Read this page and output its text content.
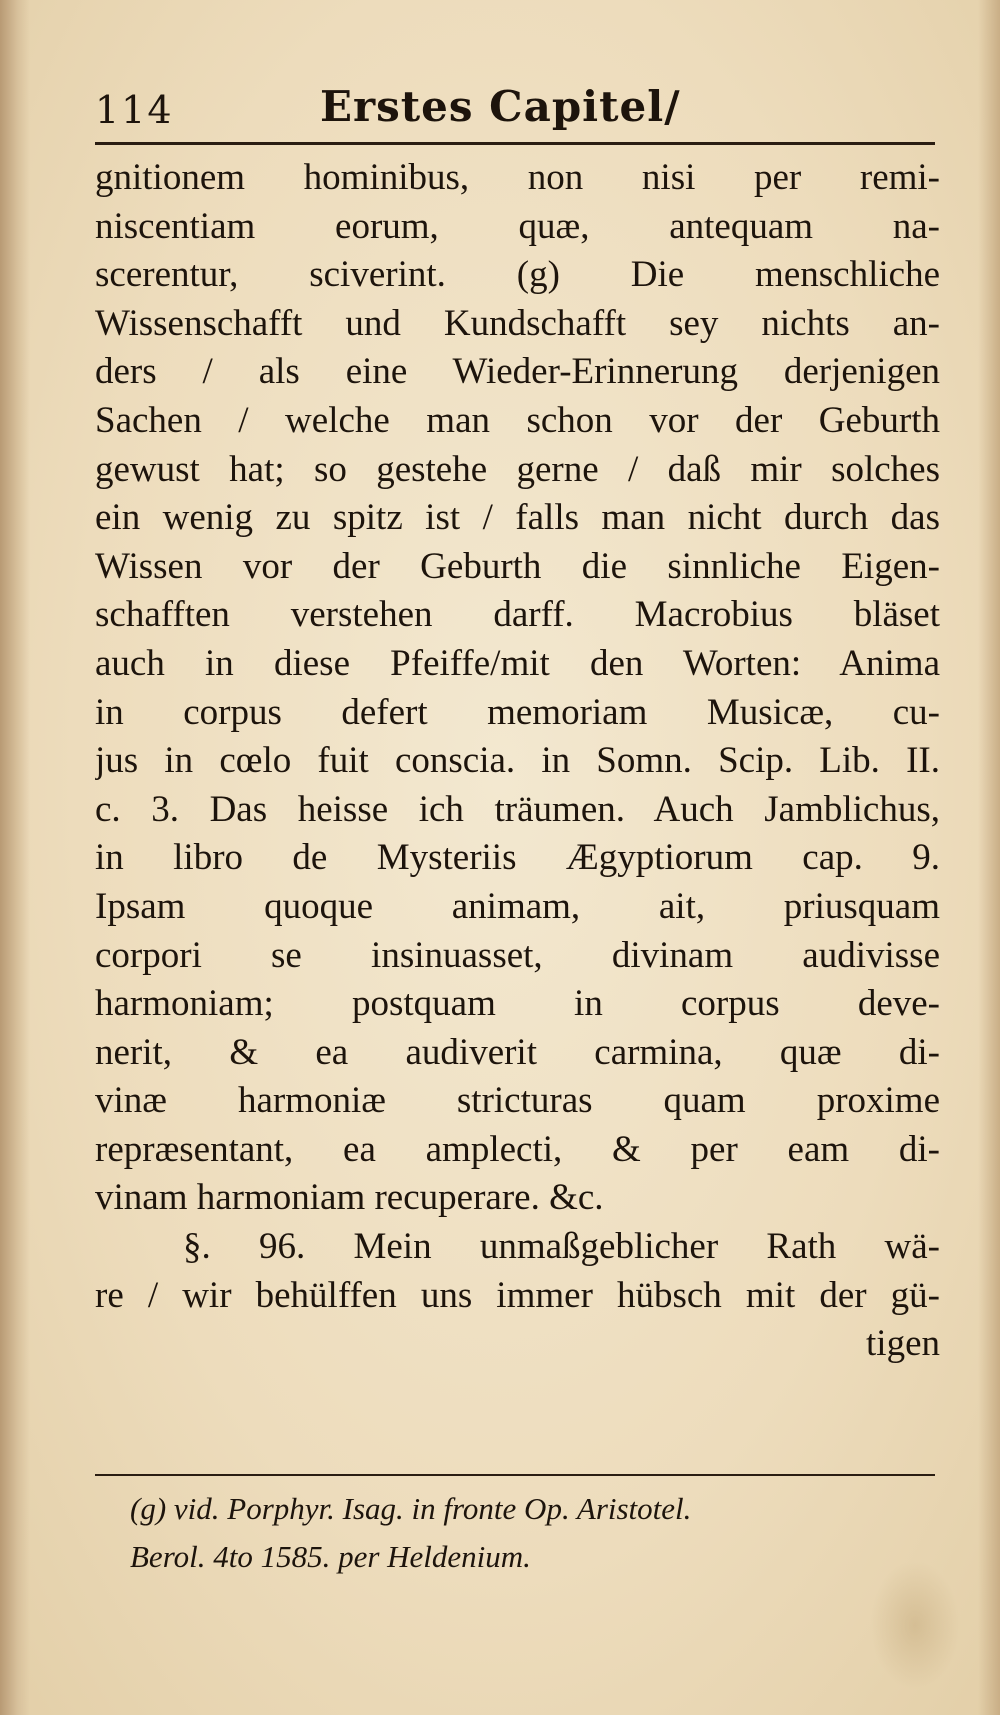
114	Erstes Capitel/
gnitionem hominibus, non nisi per remi-
niscentiam eorum, quæ, antequam na-
scerentur, sciverint. (g) Die menschliche
Wissenschafft und Kundschafft sey nichts an-
ders / als eine Wieder-Erinnerung derjenigen
Sachen / welche man schon vor der Geburth
gewust hat; so gestehe gerne / daß mir solches
ein wenig zu spitz ist / falls man nicht durch das
Wissen vor der Geburth die sinnliche Eigen-
schafften verstehen darff. Macrobius bläset
auch in diese Pfeiffe/mit den Worten: Anima
in corpus defert memoriam Musicæ, cu-
jus in cœlo fuit conscia. in Somn. Scip. Lib. II.
c. 3. Das heisse ich träumen. Auch Jamblichus,
in libro de Mysteriis Ægyptiorum cap. 9.
Ipsam quoque animam, ait, priusquam
corpori se insinuasset, divinam audivisse
harmoniam; postquam in corpus deve-
nerit, & ea audiverit carmina, quæ di-
vinæ harmoniæ stricturas quam proxime
repræsentant, ea amplecti, & per eam di-
vinam harmoniam recuperare. &c.
§. 96. Mein unmaßgeblicher Rath wä-
re / wir behülffen uns immer hübsch mit der gü-
tigen
(g) vid. Porphyr. Isag. in fronte Op. Aristotel.
Berol. 4to 1585. per Heldenium.
